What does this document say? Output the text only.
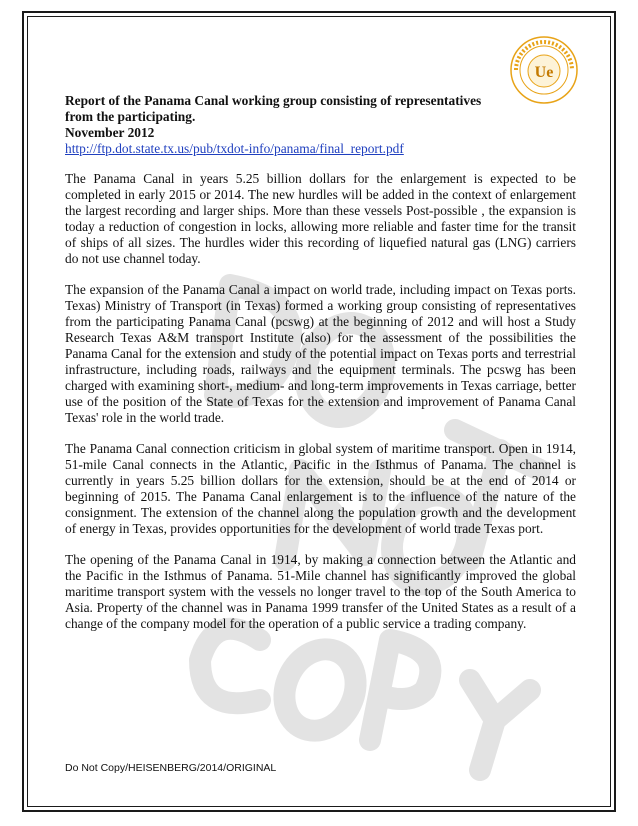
Ue
Report of the Panama Canal working group consisting of representatives
from the participating.
November 2012
http://ftp.dot.state.tx.us/pub/txdot-info/panama/final_report.pdf

The Panama Canal in years 5.25 billion dollars for the enlargement is expected to be completed in early 2015 or 2014. The new hurdles will be added in the context of enlargement the largest recording and larger ships. More than these vessels Post-possible , the expansion is today a reduction of congestion in locks, allowing more reliable and faster time for the transit of ships of all sizes. The hurdles wider this recording of liquefied natural gas (LNG) carriers do not use channel today.

The expansion of the Panama Canal a impact on world trade, including impact on Texas ports. Texas) Ministry of Transport (in Texas) formed a working group consisting of representatives from the participating Panama Canal (pcswg) at the beginning of 2012 and will host a Study Research Texas A&M transport Institute (also) for the assessment of the possibilities the Panama Canal for the extension and study of the potential impact on Texas ports and terrestrial infrastructure, including roads, railways and the equipment terminals. The pcswg has been charged with examining short-, medium- and long-term improvements in Texas carriage, better use of the position of the State of Texas for the extension and improvement of Panama Canal Texas' role in the world trade.

The Panama Canal connection criticism in global system of maritime transport. Open in 1914, 51-mile Canal connects in the Atlantic, Pacific in the Isthmus of Panama. The channel is currently in years 5.25 billion dollars for the extension, should be at the end of 2014 or beginning of 2015. The Panama Canal enlargement is to the influence of the nature of the consignment. The extension of the channel along the population growth and the development of energy in Texas, provides opportunities for the development of world trade Texas port.

The opening of the Panama Canal in 1914, by making a connection between the Atlantic and the Pacific in the Isthmus of Panama. 51-Mile channel has significantly improved the global maritime transport system with the vessels no longer travel to the top of the South America to Asia. Property of the channel was in Panama 1999 transfer of the United States as a result of a change of the company model for the operation of a public service a trading company.

Do Not Copy/HEISENBERG/2014/ORIGINAL
